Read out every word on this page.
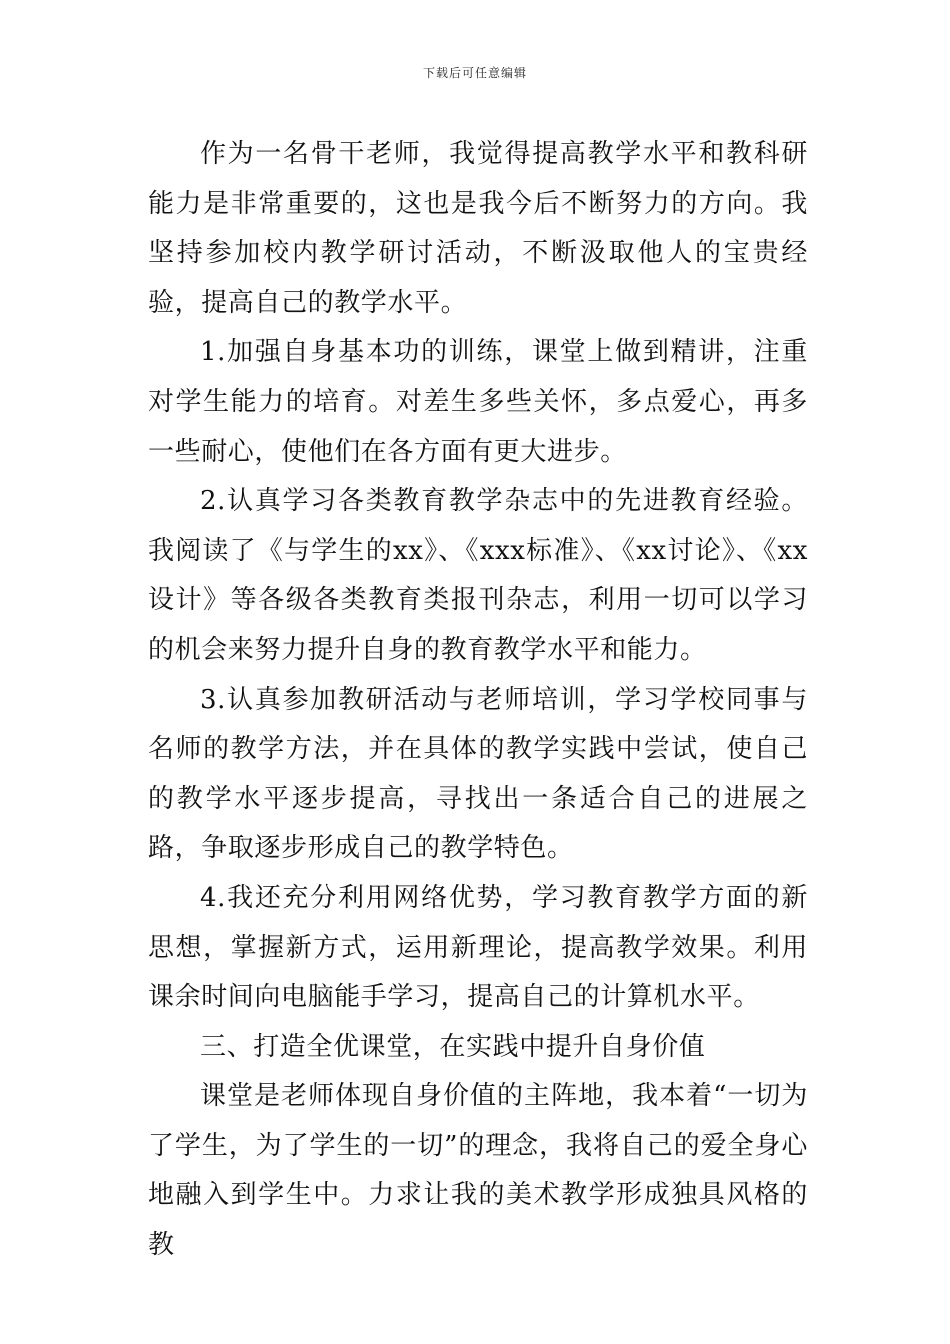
下载后可任意编辑

作为一名骨干老师，我觉得提高教学水平和教科研能力是非常重要的，这也是我今后不断努力的方向。我坚持参加校内教学研讨活动，不断汲取他人的宝贵经验，提高自己的教学水平。

1.加强自身基本功的训练，课堂上做到精讲，注重对学生能力的培育。对差生多些关怀，多点爱心，再多一些耐心，使他们在各方面有更大进步。

2.认真学习各类教育教学杂志中的先进教育经验。我阅读了《与学生的xx》、《xxx标准》、《xx讨论》、《xx设计》等各级各类教育类报刊杂志，利用一切可以学习的机会来努力提升自身的教育教学水平和能力。

3.认真参加教研活动与老师培训，学习学校同事与名师的教学方法，并在具体的教学实践中尝试，使自己的教学水平逐步提高，寻找出一条适合自己的进展之路，争取逐步形成自己的教学特色。

4.我还充分利用网络优势，学习教育教学方面的新思想，掌握新方式，运用新理论，提高教学效果。利用课余时间向电脑能手学习，提高自己的计算机水平。

三、打造全优课堂，在实践中提升自身价值

课堂是老师体现自身价值的主阵地，我本着“一切为了学生，为了学生的一切”的理念，我将自己的爱全身心地融入到学生中。力求让我的美术教学形成独具风格的教
